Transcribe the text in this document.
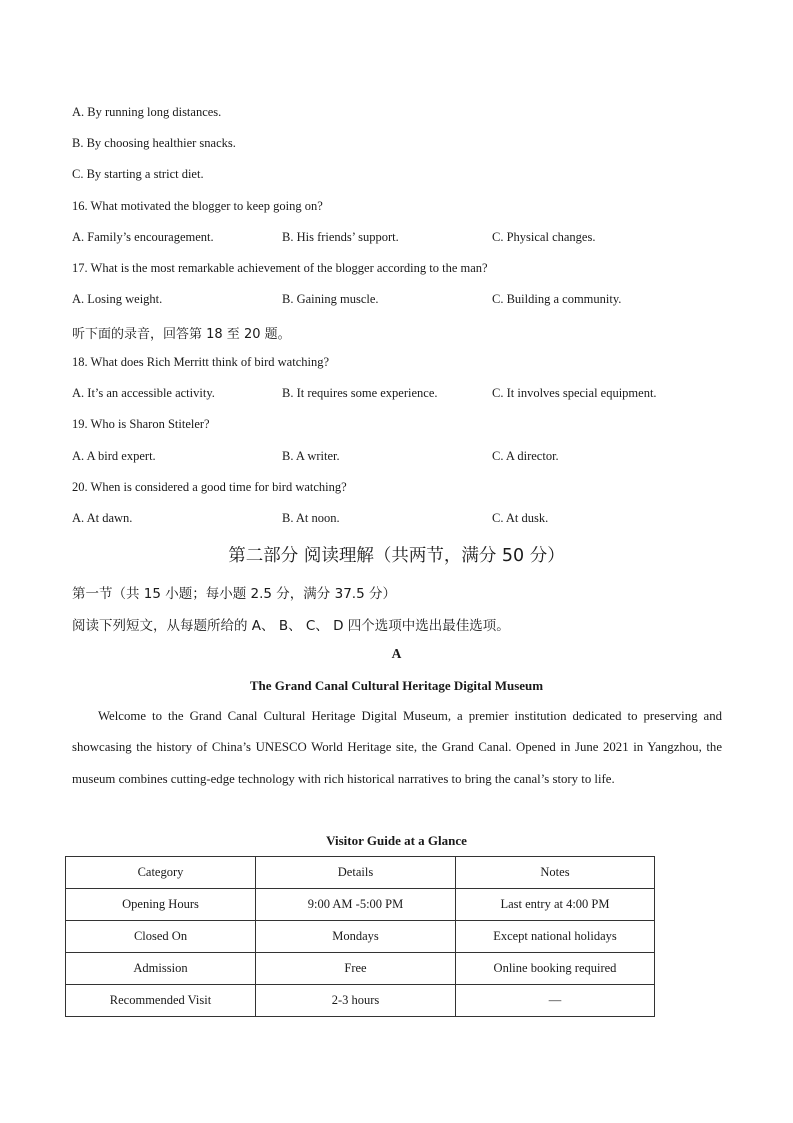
A. By running long distances.
B. By choosing healthier snacks.
C. By starting a strict diet.
16. What motivated the blogger to keep going on?
A. Family’s encouragement.	B. His friends’ support.	C. Physical changes.
17. What is the most remarkable achievement of the blogger according to the man?
A. Losing weight.	B. Gaining muscle.	C. Building a community.
听下面的录音，回答第 18 至 20 题。
18. What does Rich Merritt think of bird watching?
A. It’s an accessible activity.	B. It requires some experience.	C. It involves special equipment.
19. Who is Sharon Stiteler?
A. A bird expert.	B. A writer.	C. A director.
20. When is considered a good time for bird watching?
A. At dawn.	B. At noon.	C. At dusk.
第二部分 阅读理解（共两节，满分 50 分）
第一节（共 15 小题；每小题 2.5 分，满分 37.5 分）
阅读下列短文，从每题所给的 A、 B、 C、 D 四个选项中选出最佳选项。
A
The Grand Canal Cultural Heritage Digital Museum
Welcome to the Grand Canal Cultural Heritage Digital Museum, a premier institution dedicated to preserving and showcasing the history of China’s UNESCO World Heritage site, the Grand Canal. Opened in June 2021 in Yangzhou, the museum combines cutting-edge technology with rich historical narratives to bring the canal’s story to life.
Visitor Guide at a Glance
Category	Details	Notes
Opening Hours	9:00 AM -5:00 PM	Last entry at 4:00 PM
Closed On	Mondays	Except national holidays
Admission	Free	Online booking required
Recommended Visit	2-3 hours	—
